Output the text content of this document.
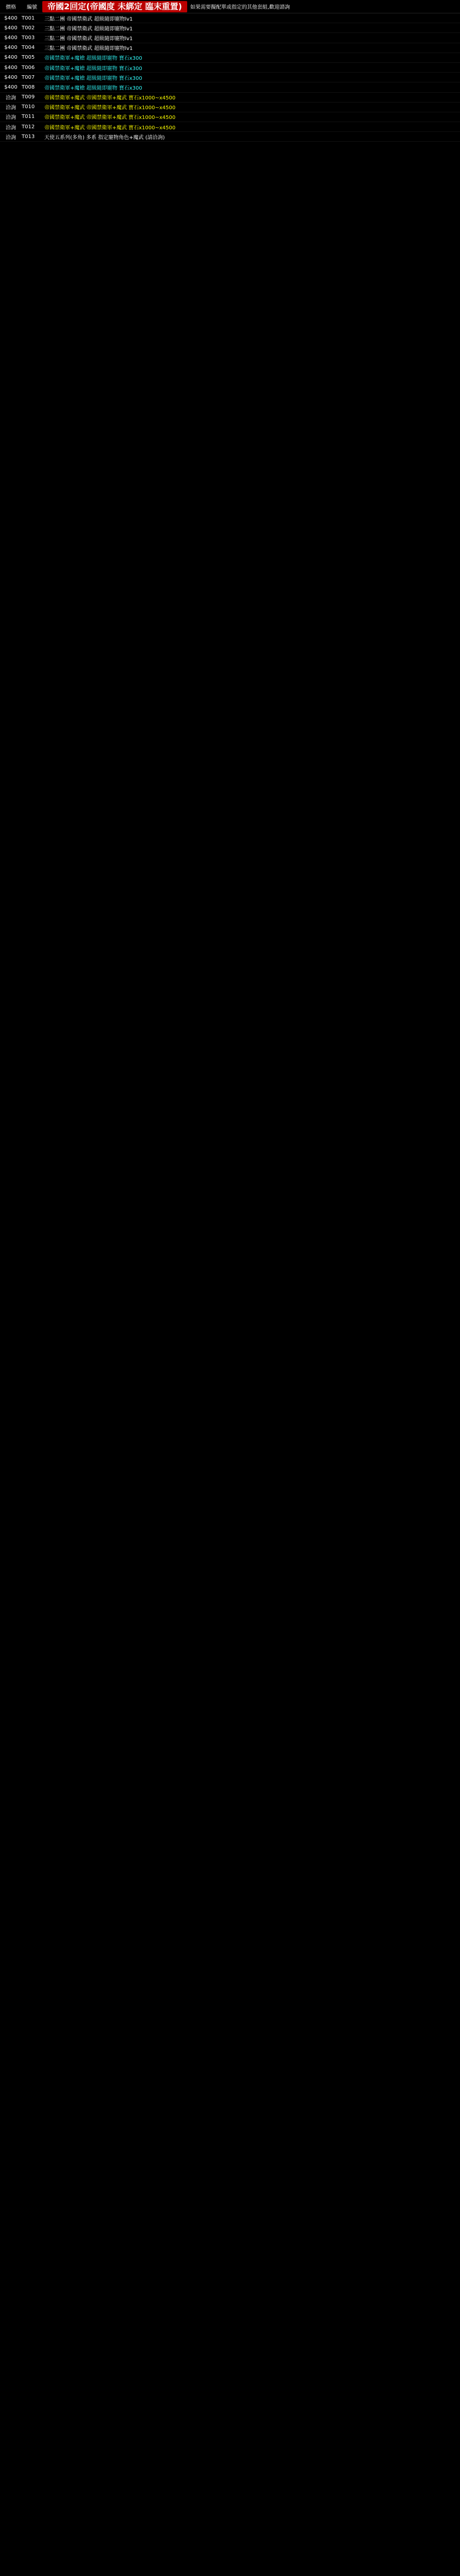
價格	編號	帝國2回定(帝國度 未綁定 臨末重置)	如果需要擬配單或指定的其他套組,歡迎諮詢
$400 T001	三點二團 帝國禁衛武 超級隨即寵物lv1
$400 T002	三點二團 帝國禁衛武 超級隨即寵物lv1
$400 T003	三點二團 帝國禁衛武 超級隨即寵物lv1
$400 T004	三點二團 帝國禁衛武 超級隨即寵物lv1
$400 T005	帝國禁衛軍+魔槍 超級隨即寵物 寶石x300
$400 T006	帝國禁衛軍+魔槍 超級隨即寵物 寶石x300
$400 T007	帝國禁衛軍+魔槍 超級隨即寵物 寶石x300
$400 T008	帝國禁衛軍+魔槍 超級隨即寵物 寶石x300
洽詢	T009	帝國禁衛軍+魔武 帝國禁衛軍+魔武 寶石x1000~x4500
洽詢	T010	帝國禁衛軍+魔武 帝國禁衛軍+魔武 寶石x1000~x4500
洽詢	T011	帝國禁衛軍+魔武 帝國禁衛軍+魔武 寶石x1000~x4500
洽詢	T012	帝國禁衛軍+魔武 帝國禁衛軍+魔武 寶石x1000~x4500
洽詢	T013	天使五系列(多角) 多系 指定寵物角色+魔武 (請洽詢)
